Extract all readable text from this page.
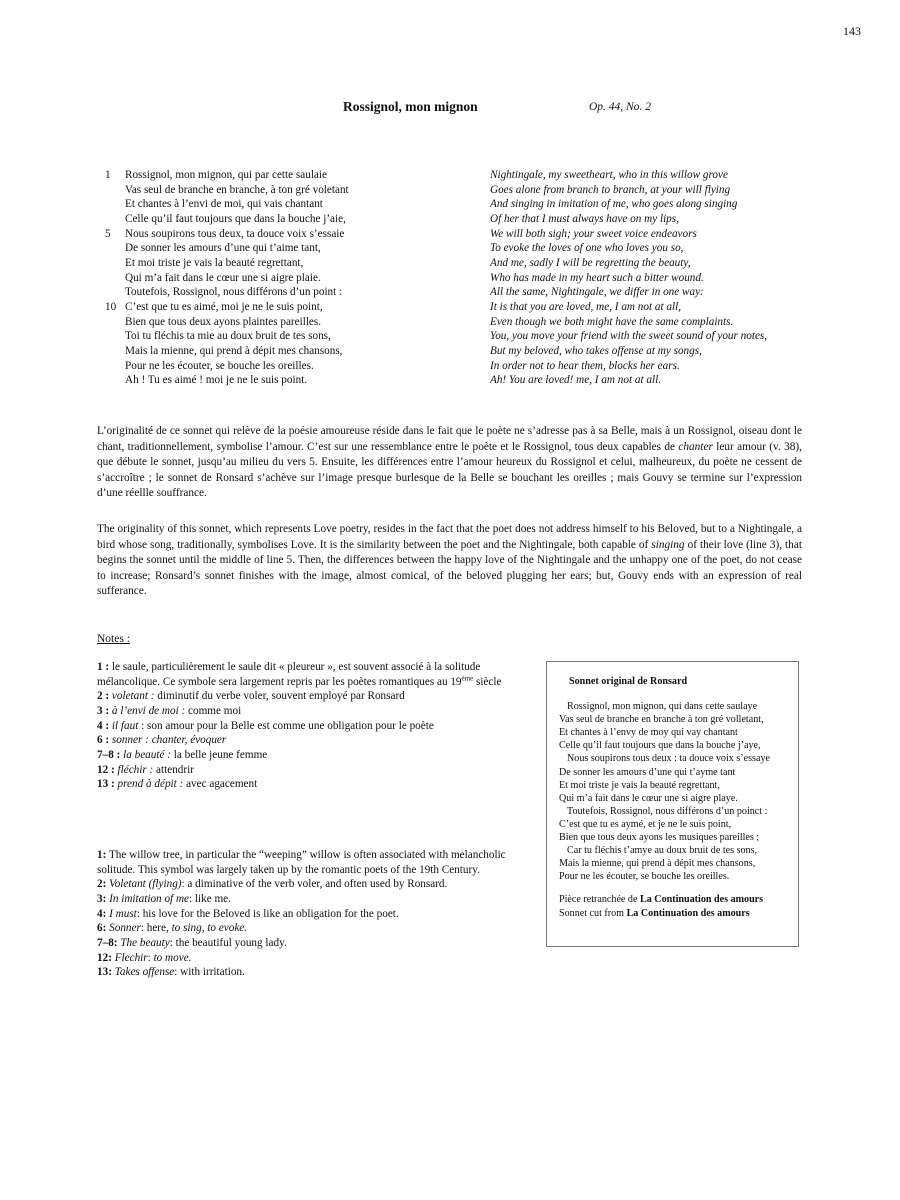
143
Rossignol, mon mignon	Op. 44, No. 2
1 Rossignol, mon mignon, qui par cette saulaie
Vas seul de branche en branche, à ton gré voletant
Et chantes à l’envi de moi, qui vais chantant
Celle qu’il faut toujours que dans la bouche j’aie,
5 Nous soupirons tous deux, ta douce voix s’essaie
De sonner les amours d’une qui t’aime tant,
Et moi triste je vais la beauté regrettant,
Qui m’a fait dans le cœur une si aigre plaie.
Toutefois, Rossignol, nous différons d’un point :
10 C’est que tu es aimé, moi je ne le suis point,
Bien que tous deux ayons plaintes pareilles.
Toi tu fléchis ta mie au doux bruit de tes sons,
Mais la mienne, qui prend à dépit mes chansons,
Pour ne les écouter, se bouche les oreilles.
Ah ! Tu es aimé ! moi je ne le suis point.
Nightingale, my sweetheart, who in this willow grove
Goes alone from branch to branch, at your will flying
And singing in imitation of me, who goes along singing
Of her that I must always have on my lips,
We will both sigh; your sweet voice endeavors
To evoke the loves of one who loves you so,
And me, sadly I will be regretting the beauty,
Who has made in my heart such a bitter wound.
All the same, Nightingale, we differ in one way:
It is that you are loved, me, I am not at all,
Even though we both might have the same complaints.
You, you move your friend with the sweet sound of your notes,
But my beloved, who takes offense at my songs,
In order not to hear them, blocks her ears.
Ah! You are loved! me, I am not at all.
L’originalité de ce sonnet qui relève de la poésie amoureuse réside dans le fait que le poète ne s’adresse pas à sa Belle, mais à un Rossignol, oiseau dont le chant, traditionnellement, symbolise l’amour. C’est sur une ressemblance entre le poète et le Rossignol, tous deux capables de chanter leur amour (v. 38), que débute le sonnet, jusqu’au milieu du vers 5. Ensuite, les différences entre l’amour heureux du Rossignol et celui, malheureux, du poète ne cessent de s’accroître ; le sonnet de Ronsard s’achève sur l’image presque burlesque de la Belle se bouchant les oreilles ; mais Gouvy se termine sur l’expression d’une réellle souffrance.
The originality of this sonnet, which represents Love poetry, resides in the fact that the poet does not address himself to his Beloved, but to a Nightingale, a bird whose song, traditionally, symbolises Love. It is the similarity between the poet and the Nightingale, both capable of singing of their love (line 3), that begins the sonnet until the middle of line 5. Then, the differences between the happy love of the Nightingale and the unhappy one of the poet, do not cease to increase; Ronsard’s sonnet finishes with the image, almost comical, of the beloved plugging her ears; but, Gouvy ends with an expression of real sufferance.
Notes :

1 : le saule, particulièrement le saule dit « pleureur », est souvent associé à la solitude mélancolique. Ce symbole sera largement repris par les poètes romantiques au 19ème siècle

2 : voletant : diminutif du verbe voler, souvent employé par Ronsard

3 : à l’envi de moi : comme moi

4 : il faut : son amour pour la Belle est comme une obligation pour le poète

6 : sonner : chanter, évoquer

7–8 : la beauté : la belle jeune femme

12 : fléchir : attendrir

13 : prend à dépit : avec agacement

1: The willow tree, in particular the “weeping” willow is often associated with melancholic solitude. This symbol was largely taken up by the romantic poets of the 19th Century.

2: Voletant (flying): a diminative of the verb voler, and often used by Ronsard.

3: In imitation of me: like me.

4: I must: his love for the Beloved is like an obligation for the poet.

6: Sonner: here, to sing, to evoke.

7–8: The beauty: the beautiful young lady.

12: Flechir: to move.

13: Takes offense: with irritation.

Sonnet original de Ronsard
Rossignol, mon mignon, qui dans cette saulaye
Vas seul de branche en branche à ton gré volletant,
Et chantes à l’envy de moy qui vay chantant
Celle qu’il faut toujours que dans la bouche j’aye,
Nous soupirons tous deux : ta douce voix s’essaye
De sonner les amours d’une qui t’ayme tant
Et moi triste je vais la beauté regrettant,
Qui m’a fait dans le cœur une si aigre playe.
Toutefois, Rossignol, nous différons d’un poinct :
C’est que tu es aymé, et je ne le suis point,
Bien que tous deux ayons les musiques pareilles ;
Car tu fléchis t’amye au doux bruit de tes sons,
Mais la mienne, qui prend à dépit mes chansons,
Pour ne les écouter, se bouche les oreilles.
Pièce retranchée de La Continuation des amours
Sonnet cut from La Continuation des amours
